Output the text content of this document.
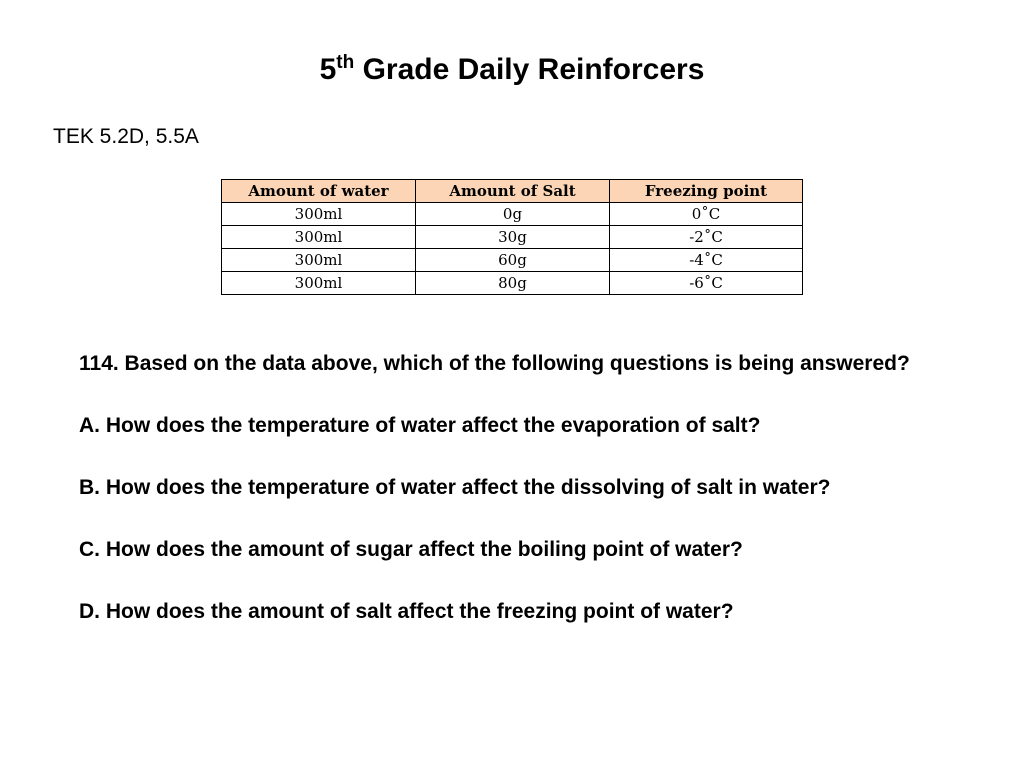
5th Grade Daily Reinforcers
TEK 5.2D, 5.5A
Amount of water	Amount of Salt	Freezing point
300ml	0g	0˚C
300ml	30g	-2˚C
300ml	60g	-4˚C
300ml	80g	-6˚C

114. Based on the data above, which of the following questions is being answered?

A. How does the temperature of water affect the evaporation of salt?

B. How does the temperature of water affect the dissolving of salt in water?

C. How does the amount of sugar affect the boiling point of water?

D. How does the amount of salt affect the freezing point of water?
